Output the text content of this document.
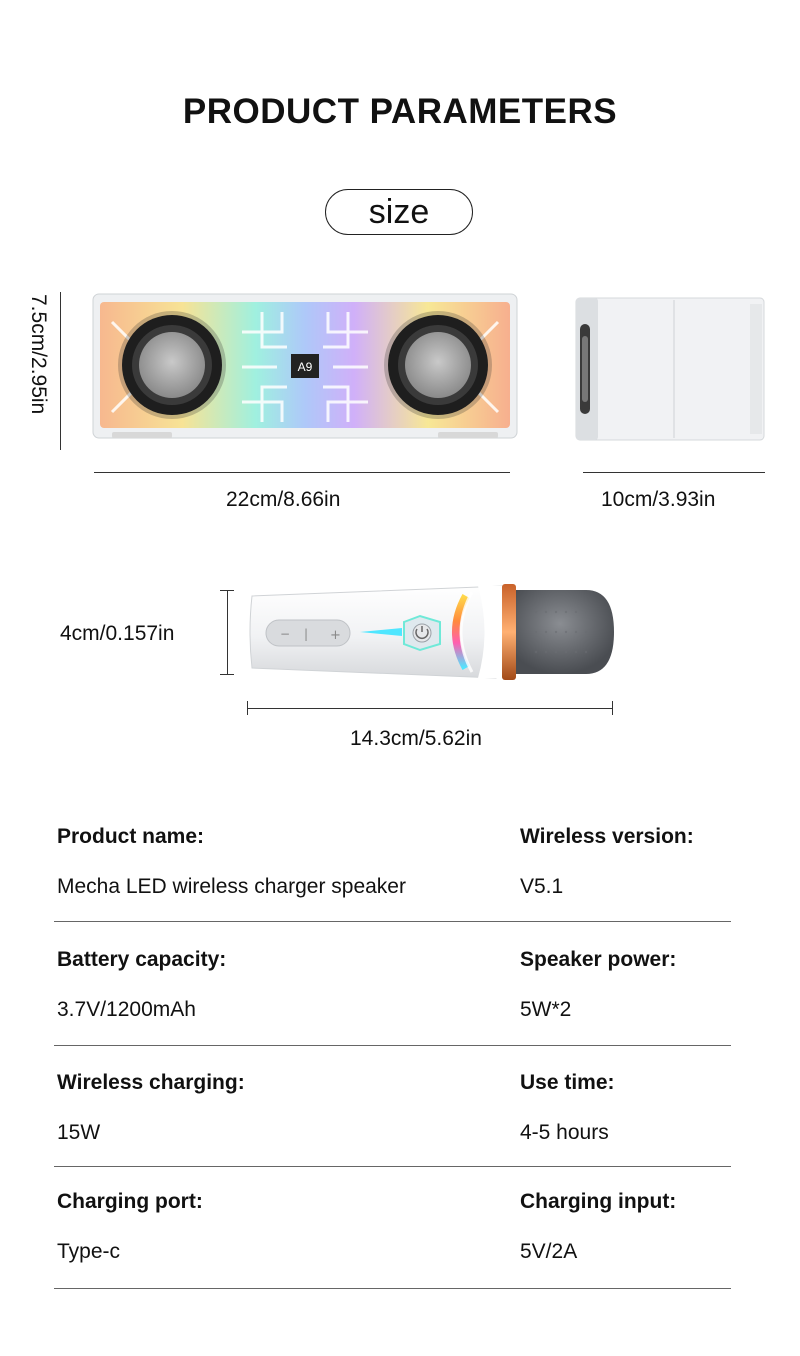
PRODUCT PARAMETERS
size
7.5cm/2.95in	A9
22cm/8.66in	10cm/3.93in
4cm/0.157in	− | +
14.3cm/5.62in
Product name:
Mecha LED wireless charger speaker
Wireless version:
V5.1
Battery capacity:
3.7V/1200mAh
Speaker power:
5W*2
Wireless charging:
15W
Use time:
4-5 hours
Charging port:
Type-c
Charging input:
5V/2A
